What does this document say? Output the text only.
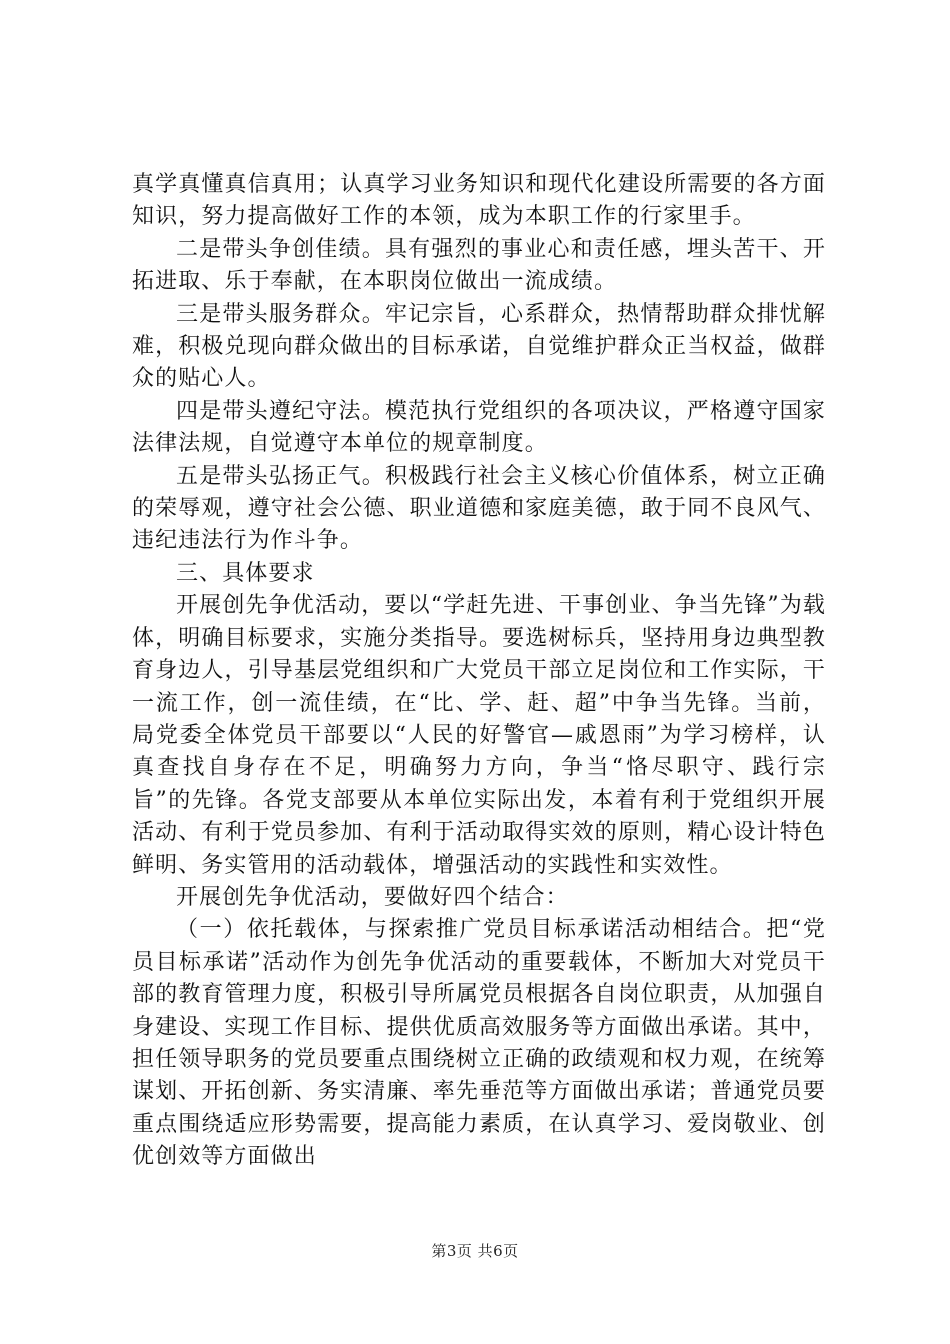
真学真懂真信真用；认真学习业务知识和现代化建设所需要的各方面知识，努力提高做好工作的本领，成为本职工作的行家里手。

二是带头争创佳绩。具有强烈的事业心和责任感，埋头苦干、开拓进取、乐于奉献，在本职岗位做出一流成绩。

三是带头服务群众。牢记宗旨，心系群众，热情帮助群众排忧解难，积极兑现向群众做出的目标承诺，自觉维护群众正当权益，做群众的贴心人。

四是带头遵纪守法。模范执行党组织的各项决议，严格遵守国家法律法规，自觉遵守本单位的规章制度。

五是带头弘扬正气。积极践行社会主义核心价值体系，树立正确的荣辱观，遵守社会公德、职业道德和家庭美德，敢于同不良风气、违纪违法行为作斗争。

三、具体要求

开展创先争优活动，要以“学赶先进、干事创业、争当先锋”为载体，明确目标要求，实施分类指导。要选树标兵，坚持用身边典型教育身边人，引导基层党组织和广大党员干部立足岗位和工作实际，干一流工作，创一流佳绩，在“比、学、赶、超”中争当先锋。当前，局党委全体党员干部要以“人民的好警官—戚恩雨”为学习榜样，认真查找自身存在不足，明确努力方向，争当“恪尽职守、践行宗旨”的先锋。各党支部要从本单位实际出发，本着有利于党组织开展活动、有利于党员参加、有利于活动取得实效的原则，精心设计特色鲜明、务实管用的活动载体，增强活动的实践性和实效性。

开展创先争优活动，要做好四个结合：

（一）依托载体，与探索推广党员目标承诺活动相结合。把“党员目标承诺”活动作为创先争优活动的重要载体，不断加大对党员干部的教育管理力度，积极引导所属党员根据各自岗位职责，从加强自身建设、实现工作目标、提供优质高效服务等方面做出承诺。其中，担任领导职务的党员要重点围绕树立正确的政绩观和权力观，在统筹谋划、开拓创新、务实清廉、率先垂范等方面做出承诺；普通党员要重点围绕适应形势需要，提高能力素质，在认真学习、爱岗敬业、创优创效等方面做出

第3页 共6页
